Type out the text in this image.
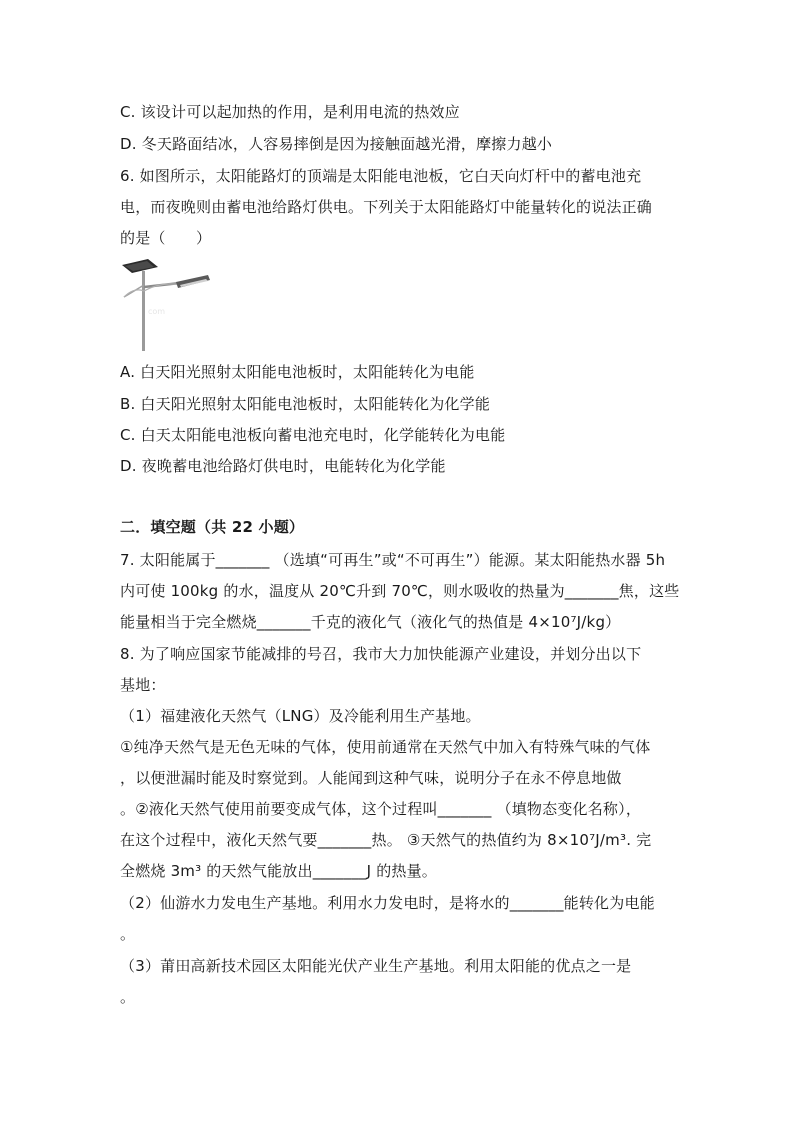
C. 该设计可以起加热的作用，是利用电流的热效应
D. 冬天路面结冰，人容易摔倒是因为接触面越光滑，摩擦力越小
6. 如图所示，太阳能路灯的顶端是太阳能电池板，它白天向灯杆中的蓄电池充
电，而夜晚则由蓄电池给路灯供电。下列关于太阳能路灯中能量转化的说法正确
的是（　　）
com
A. 白天阳光照射太阳能电池板时，太阳能转化为电能
B. 白天阳光照射太阳能电池板时，太阳能转化为化学能
C. 白天太阳能电池板向蓄电池充电时，化学能转化为电能
D. 夜晚蓄电池给路灯供电时，电能转化为化学能
二．填空题（共 22 小题）
7. 太阳能属于_______ （选填“可再生”或“不可再生”）能源。某太阳能热水器 5h
内可使 100kg 的水，温度从 20℃升到 70℃，则水吸收的热量为_______焦，这些
能量相当于完全燃烧_______千克的液化气（液化气的热值是 4×10⁷J/kg）
8. 为了响应国家节能减排的号召，我市大力加快能源产业建设，并划分出以下
基地：
（1）福建液化天然气（LNG）及冷能利用生产基地。
①纯净天然气是无色无味的气体，使用前通常在天然气中加入有特殊气味的气体
，以便泄漏时能及时察觉到。人能闻到这种气味，说明分子在永不停息地做
。②液化天然气使用前要变成气体，这个过程叫_______ （填物态变化名称），
在这个过程中，液化天然气要_______热。 ③天然气的热值约为 8×10⁷J/m³. 完
全燃烧 3m³ 的天然气能放出_______J 的热量。
（2）仙游水力发电生产基地。利用水力发电时，是将水的_______能转化为电能
。
（3）莆田高新技术园区太阳能光伏产业生产基地。利用太阳能的优点之一是
。
